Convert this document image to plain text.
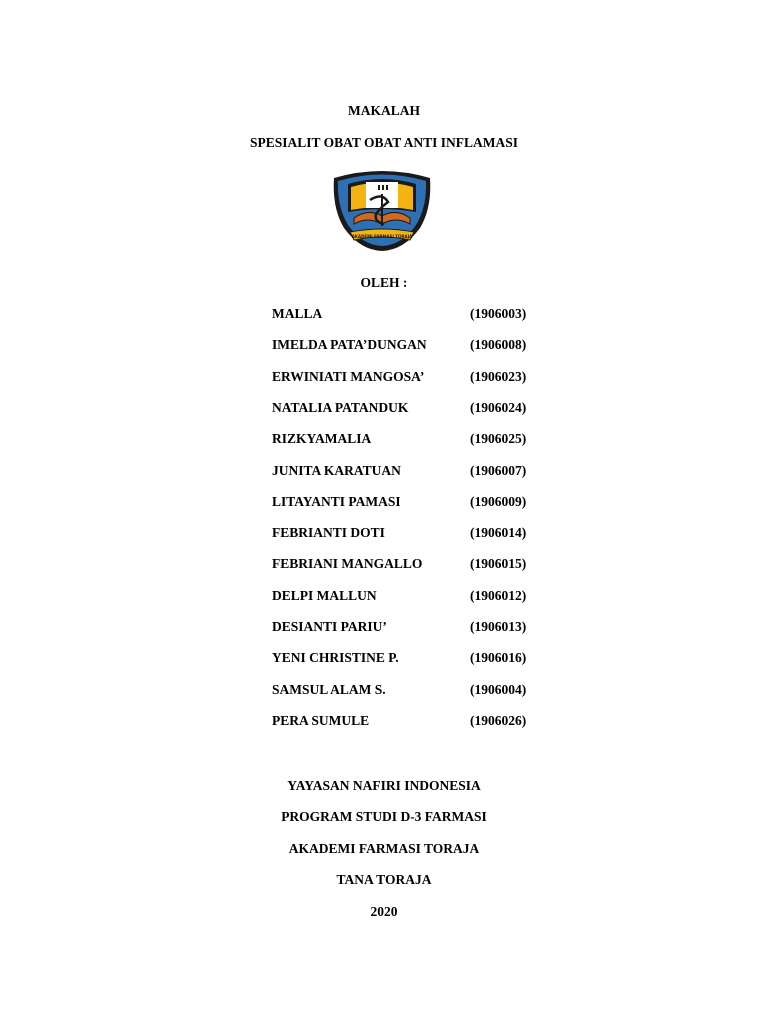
MAKALAH
SPESIALIT OBAT OBAT ANTI INFLAMASI
AKADEMI FARMASI TORAJA
OLEH :
MALLA	(1906003)
IMELDA PATA’DUNGAN	(1906008)
ERWINIATI MANGOSA’	(1906023)
NATALIA PATANDUK	(1906024)
RIZKYAMALIA	(1906025)
JUNITA KARATUAN	(1906007)
LITAYANTI PAMASI	(1906009)
FEBRIANTI DOTI	(1906014)
FEBRIANI MANGALLO	(1906015)
DELPI MALLUN	(1906012)
DESIANTI PARIU’	(1906013)
YENI CHRISTINE P.	(1906016)
SAMSUL ALAM S.	(1906004)
PERA SUMULE	(1906026)
YAYASAN NAFIRI INDONESIA
PROGRAM STUDI D-3 FARMASI
AKADEMI FARMASI TORAJA
TANA TORAJA
2020
